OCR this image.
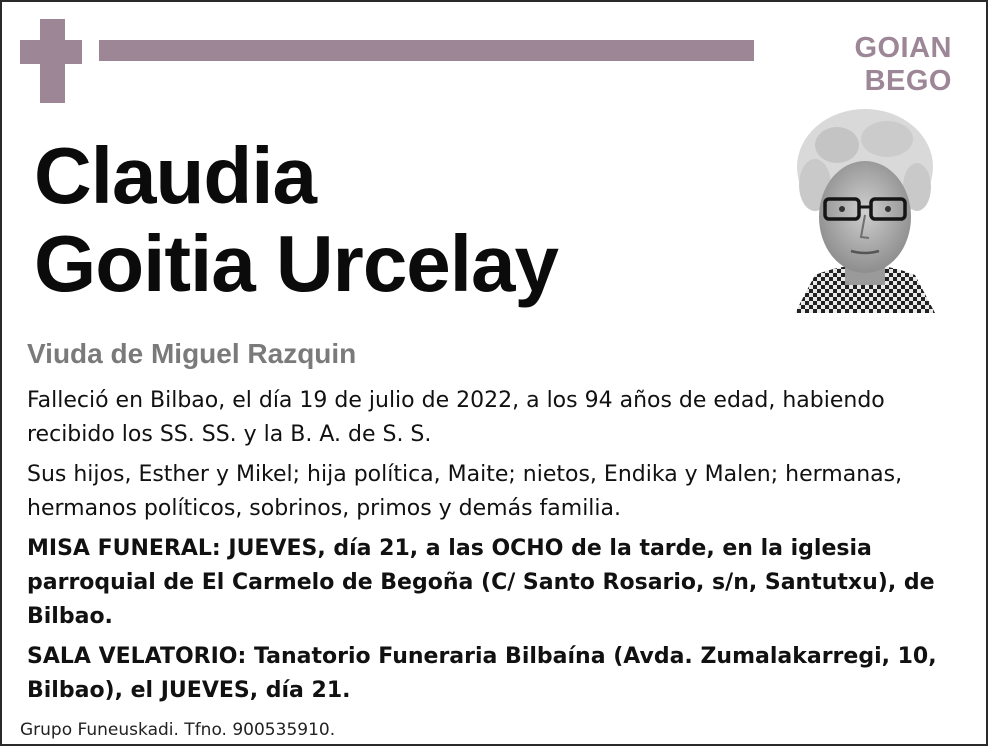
GOIAN BEGO
Claudia
Goitia Urcelay
Viuda de Miguel Razquin

Falleció en Bilbao, el día 19 de julio de 2022, a los 94 años de edad, habiendo recibido los SS. SS. y la B. A. de S. S.

Sus hijos, Esther y Mikel; hija política, Maite; nietos, Endika y Malen; hermanas, hermanos políticos, sobrinos, primos y demás familia.

MISA FUNERAL: JUEVES, día 21, a las OCHO de la tarde, en la iglesia parroquial de El Carmelo de Begoña (C/ Santo Rosario, s/n, Santutxu), de Bilbao.

SALA VELATORIO: Tanatorio Funeraria Bilbaína (Avda. Zumalakarregi, 10, Bilbao), el JUEVES, día 21.

Grupo Funeuskadi. Tfno. 900535910.
